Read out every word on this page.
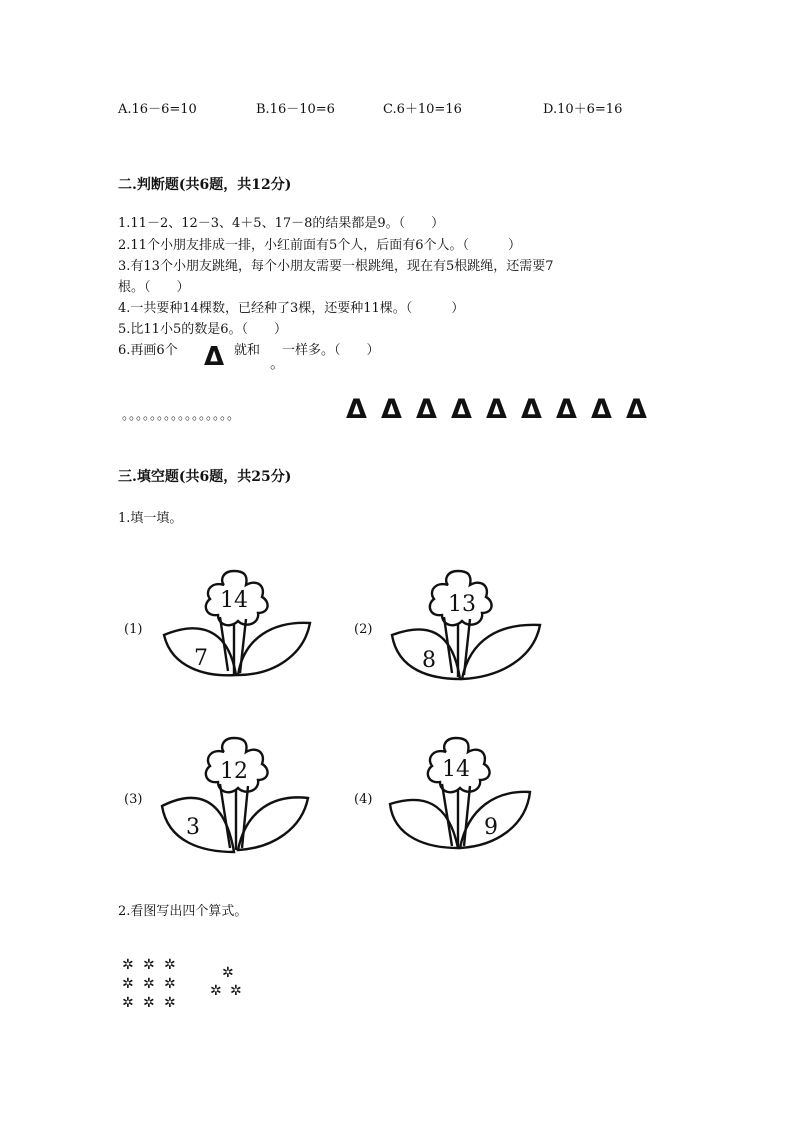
A.16－6=10	B.16－10=6	C.6＋10=16	D.10＋6=16
二.判断题(共6题，共12分)
1.11－2、12－3、4＋5、17－8的结果都是9。（　　）
2.11个小朋友排成一排，小红前面有5个人，后面有6个人。（　　　）
3.有13个小朋友跳绳，每个小朋友需要一根跳绳，现在有5根跳绳，还需要7
根。（　　）
4.一共要种14棵数，已经种了3棵，还要种11棵。（　　　）
5.比11小5的数是6。（　　）
6.再画6个 Δ 就和 一样多。（　　）
。
。。。。。。。。。。。。。。。。	Δ Δ Δ Δ Δ Δ Δ Δ Δ
三.填空题(共6题，共25分)
1.填一填。
(1)	(2)
(3)	(4)
14
7
13
8
12
3
14
9
2.看图写出四个算式。
✲ ✲ ✲
✲ ✲ ✲
✲ ✲ ✲
✲
✲ ✲
